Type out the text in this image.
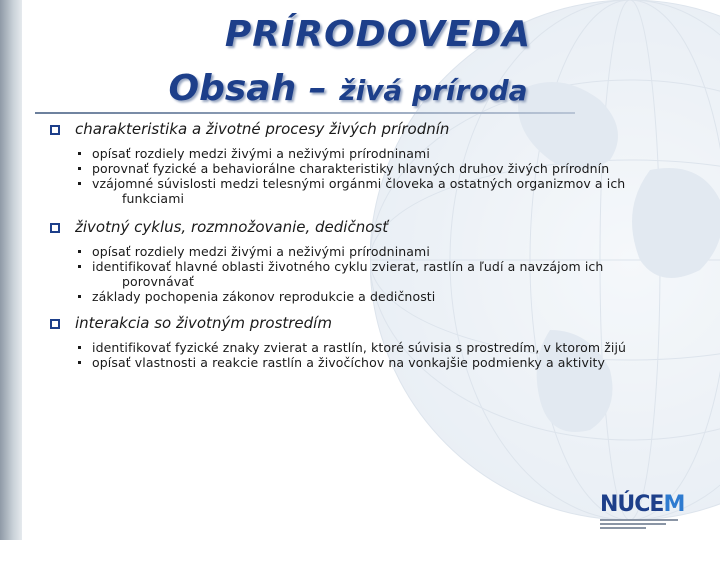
PRÍRODOVEDA
Obsah – živá príroda
charakteristika a životné procesy živých prírodnín
opísať rozdiely medzi živými a neživými prírodninami
porovnať fyzické a behaviorálne charakteristiky hlavných druhov živých prírodnín
vzájomné súvislosti medzi telesnými orgánmi človeka a ostatných organizmov a ich
funkciami
životný cyklus, rozmnožovanie, dedičnosť
opísať rozdiely medzi živými a neživými prírodninami
identifikovať hlavné oblasti životného cyklu zvierat, rastlín a ľudí a navzájom ich
porovnávať
základy pochopenia zákonov reprodukcie a dedičnosti
interakcia so životným prostredím
identifikovať fyzické znaky zvierat a rastlín, ktoré súvisia s prostredím, v ktorom žijú
opísať vlastnosti a reakcie rastlín a živočíchov na vonkajšie podmienky a aktivity
NÚCEM
